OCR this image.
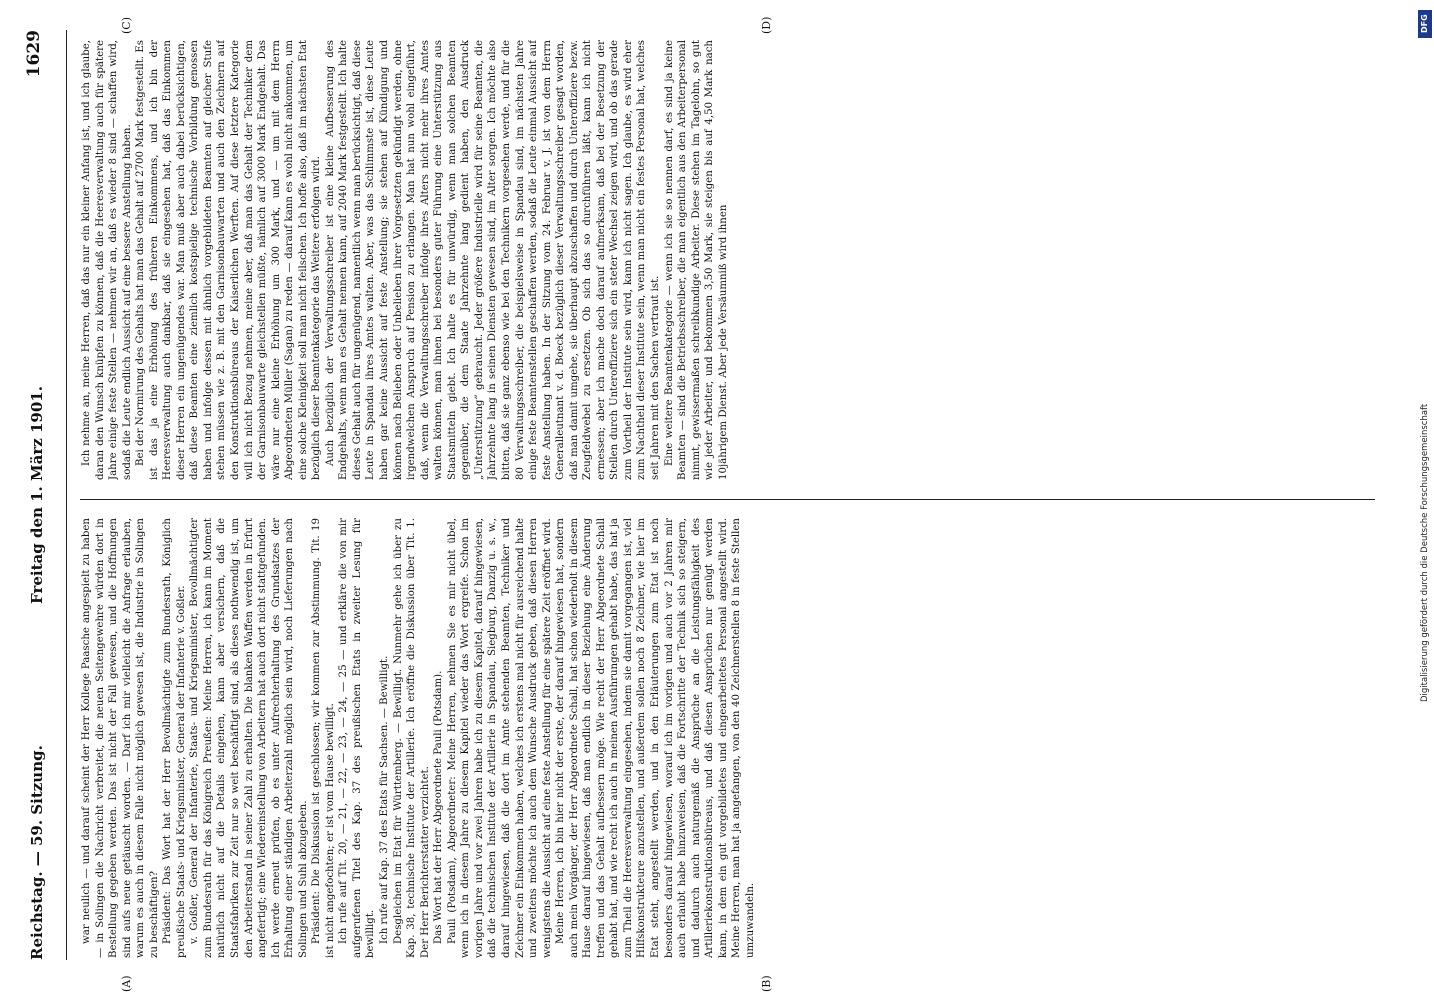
Reichstag. — 59. Sitzung.
Freitag den 1. März 1901.
1629
(A)	(B)
(C)	(D)

war neulich — und darauf scheint der Herr Kollege Paasche angespielt zu haben — in Solingen die Nachricht verbreitet, die neuen Seitengewehre würden dort in Bestellung gegeben werden. Das ist nicht der Fall gewesen, und die Hoffnungen sind aufs neue getäuscht worden. — Darf ich mir vielleicht die Anfrage erlauben, warum es auch in diesem Falle nicht möglich gewesen ist, die Industrie in Solingen zu beschäftigen? Präsident: Das Wort hat der Herr Bevollmächtigte zum Bundesrath, Königlich preußische Staats- und Kriegsminister, General der Infanterie v. Goßler. v. Goßler, General der Infanterie, Staats- und Kriegsminister, Bevollmächtigter zum Bundesrath für das Königreich Preußen: Meine Herren, ich kann im Moment natürlich nicht auf die Details eingehen, kann aber versichern, daß die Staatsfabriken zur Zeit nur so weit beschäftigt sind, als dieses nothwendig ist, um den Arbeiterstand in seiner Zahl zu erhalten. Die blanken Waffen werden in Erfurt angefertigt; eine Wiedereinstellung von Arbeitern hat auch dort nicht stattgefunden. Ich werde erneut prüfen, ob es unter Aufrechterhaltung des Grundsatzes der Erhaltung einer ständigen Arbeiterzahl möglich sein wird, noch Lieferungen nach Solingen und Suhl abzugeben. Präsident: Die Diskussion ist geschlossen; wir kommen zur Abstimmung. Tit. 19 ist nicht angefochten; er ist vom Hause bewilligt. Ich rufe auf Tit. 20, — 21, — 22, — 23, — 24, — 25 — und erkläre die von mir aufgerufenen Titel des Kap. 37 des preußischen Etats in zweiter Lesung für bewilligt. Ich rufe auf Kap. 37 des Etats für Sachsen. — Bewilligt. Desgleichen im Etat für Württemberg. — Bewilligt. Nunmehr gehe ich über zu Kap. 38, technische Institute der Artillerie. Ich eröffne die Diskussion über Tit. 1. Der Herr Berichterstatter verzichtet. Das Wort hat der Herr Abgeordnete Pauli (Potsdam). Pauli (Potsdam), Abgeordneter: Meine Herren, nehmen Sie es mir nicht übel, wenn ich in diesem Jahre zu diesem Kapitel wieder das Wort ergreife. Schon im vorigen Jahre und vor zwei Jahren habe ich zu diesem Kapitel, darauf hingewiesen, daß die technischen Institute der Artillerie in Spandau, Siegburg, Danzig u. s. w., darauf hingewiesen, daß die dort im Amte stehenden Beamten, Techniker und Zeichner ein Einkommen haben, welches ich erstens mal nicht für ausreichend halte und zweitens möchte ich auch dem Wunsche Ausdruck geben, daß diesen Herren wenigstens die Aussicht auf eine feste Anstellung für eine spätere Zeit eröffnet wird. Meine Herren, ich bin hier nicht der erste, der darauf hingewiesen hat, sondern auch mein Vorgänger, der Herr Abgeordnete Schall, hat schon wiederholt in diesem Hause darauf hingewiesen, daß man endlich in dieser Beziehung eine Änderung treffen und das Gehalt aufbessern möge. Wie recht der Herr Abgeordnete Schall gehabt hat, und wie recht ich auch in meinen Ausführungen gehabt habe, das hat ja zum Theil die Heeresverwaltung eingesehen, indem sie damit vorgegangen ist, viel Hilfskonstrukteure anzustellen, und außerdem sollen noch 8 Zeichner, wie hier im Etat steht, angestellt werden, und in den Erläuterungen zum Etat ist noch besonders darauf hingewiesen, worauf ich im vorigen und auch vor 2 Jahren mir auch erlaubt habe hinzuweisen, daß die Fortschritte der Technik sich so steigern, und dadurch auch naturgemäß die Ansprüche an die Leistungsfähigkeit des Artilleriekonstruktionsbüreaus, und daß diesen Ansprüchen nur genügt werden kann, in dem ein gut vorgebildetes und eingearbeitetes Personal angestellt wird. Meine Herren, man hat ja angefangen, von den 40 Zeichnerstellen 8 in feste Stellen umzuwandeln.

Ich nehme an, meine Herren, daß das nur ein kleiner Anfang ist, und ich glaube, daran den Wunsch knüpfen zu können, daß die Heeresverwaltung auch für spätere Jahre einige feste Stellen — nehmen wir an, daß es wieder 8 sind — schaffen wird, sodaß die Leute endlich Aussicht auf eine bessere Anstellung haben. Bei der Normirung des Gehalts hat man das Gehalt auf 2700 Mark festgestellt. Es ist das ja eine Erhöhung des früheren Einkommens, und ich bin der Heeresverwaltung auch dankbar, daß sie eingesehen hat, daß das Einkommen dieser Herren ein ungenügendes war. Man muß aber auch dabei berücksichtigen, daß diese Beamten eine ziemlich kostspielige technische Vorbildung genossen haben und infolge dessen mit ähnlich vorgebildeten Beamten auf gleicher Stufe stehen müssen wie z. B. mit den Garnisonbauwarten und auch den Zeichnern auf den Konstruktionsbüreaus der Kaiserlichen Werften. Auf diese letztere Kategorie will ich nicht Bezug nehmen, meine aber, daß man das Gehalt der Techniker dem der Garnisonbauwarte gleichstellen müßte, nämlich auf 3000 Mark Endgehalt. Das wäre nur eine kleine Erhöhung um 300 Mark, und — um mit dem Herrn Abgeordneten Müller (Sagan) zu reden — darauf kann es wohl nicht ankommen, um eine solche Kleinigkeit soll man nicht feilschen. Ich hoffe also, daß im nächsten Etat bezüglich dieser Beamtenkategorie das Weitere erfolgen wird. Auch bezüglich der Verwaltungsschreiber ist eine kleine Aufbesserung des Endgehalts, wenn man es Gehalt nennen kann, auf 2040 Mark festgestellt. Ich halte dieses Gehalt auch für ungenügend, namentlich wenn man berücksichtigt, daß diese Leute in Spandau ihres Amtes walten. Aber, was das Schlimmste ist, diese Leute haben gar keine Aussicht auf feste Anstellung; sie stehen auf Kündigung und können nach Belieben oder Unbelieben ihrer Vorgesetzten gekündigt werden, ohne irgendwelchen Anspruch auf Pension zu erlangen. Man hat nun wohl eingeführt, daß, wenn die Verwaltungsschreiber infolge ihres Alters nicht mehr ihres Amtes walten können, man ihnen bei besonders guter Führung eine Unterstützung aus Staatsmitteln giebt. Ich halte es für unwürdig, wenn man solchen Beamten gegenüber, die dem Staate Jahrzehnte lang gedient haben, den Ausdruck „Unterstützung“ gebraucht. Jeder größere Industrielle wird für seine Beamten, die Jahrzehnte lang in seinen Diensten gewesen sind, im Alter sorgen. Ich möchte also bitten, daß sie ganz ebenso wie bei den Technikern vorgesehen werde, und für die 80 Verwaltungsschreiber, die beispielsweise in Spandau sind, im nächsten Jahre einige feste Beamtenstellen geschaffen werden, sodaß die Leute einmal Aussicht auf feste Anstellung haben. In der Sitzung vom 24. Februar v. J. ist von dem Herrn Generalleutnant v. d. Boeck bezüglich dieser Verwaltungsschreiber gesagt worden, daß man damit umgehe, sie überhaupt abzuschaffen und durch Unteroffiziere bezw. Zeugfeldwebel zu ersetzen. Ob sich das so durchführen läßt, kann ich nicht ermessen; aber ich mache doch darauf aufmerksam, daß bei der Besetzung der Stellen durch Unteroffiziere sich ein steter Wechsel zeigen wird, und ob das gerade zum Vortheil der Institute sein wird, kann ich nicht sagen. Ich glaube, es wird eher zum Nachtheil dieser Institute sein, wenn man nicht ein festes Personal hat, welches seit Jahren mit den Sachen vertraut ist. Eine weitere Beamtenkategorie — wenn ich sie so nennen darf, es sind ja keine Beamten — sind die Betriebsschreiber, die man eigentlich aus den Arbeiterpersonal nimmt, gewissermaßen schreibkundige Arbeiter. Diese stehen im Tagelohn, so gut wie jeder Arbeiter, und bekommen 3,50 Mark, sie steigen bis auf 4,50 Mark nach 10jährigem Dienst. Aber jede Versäumniß wird ihnen

DFG
Digitalisierung gefördert durch die Deutsche Forschungsgemeinschaft
